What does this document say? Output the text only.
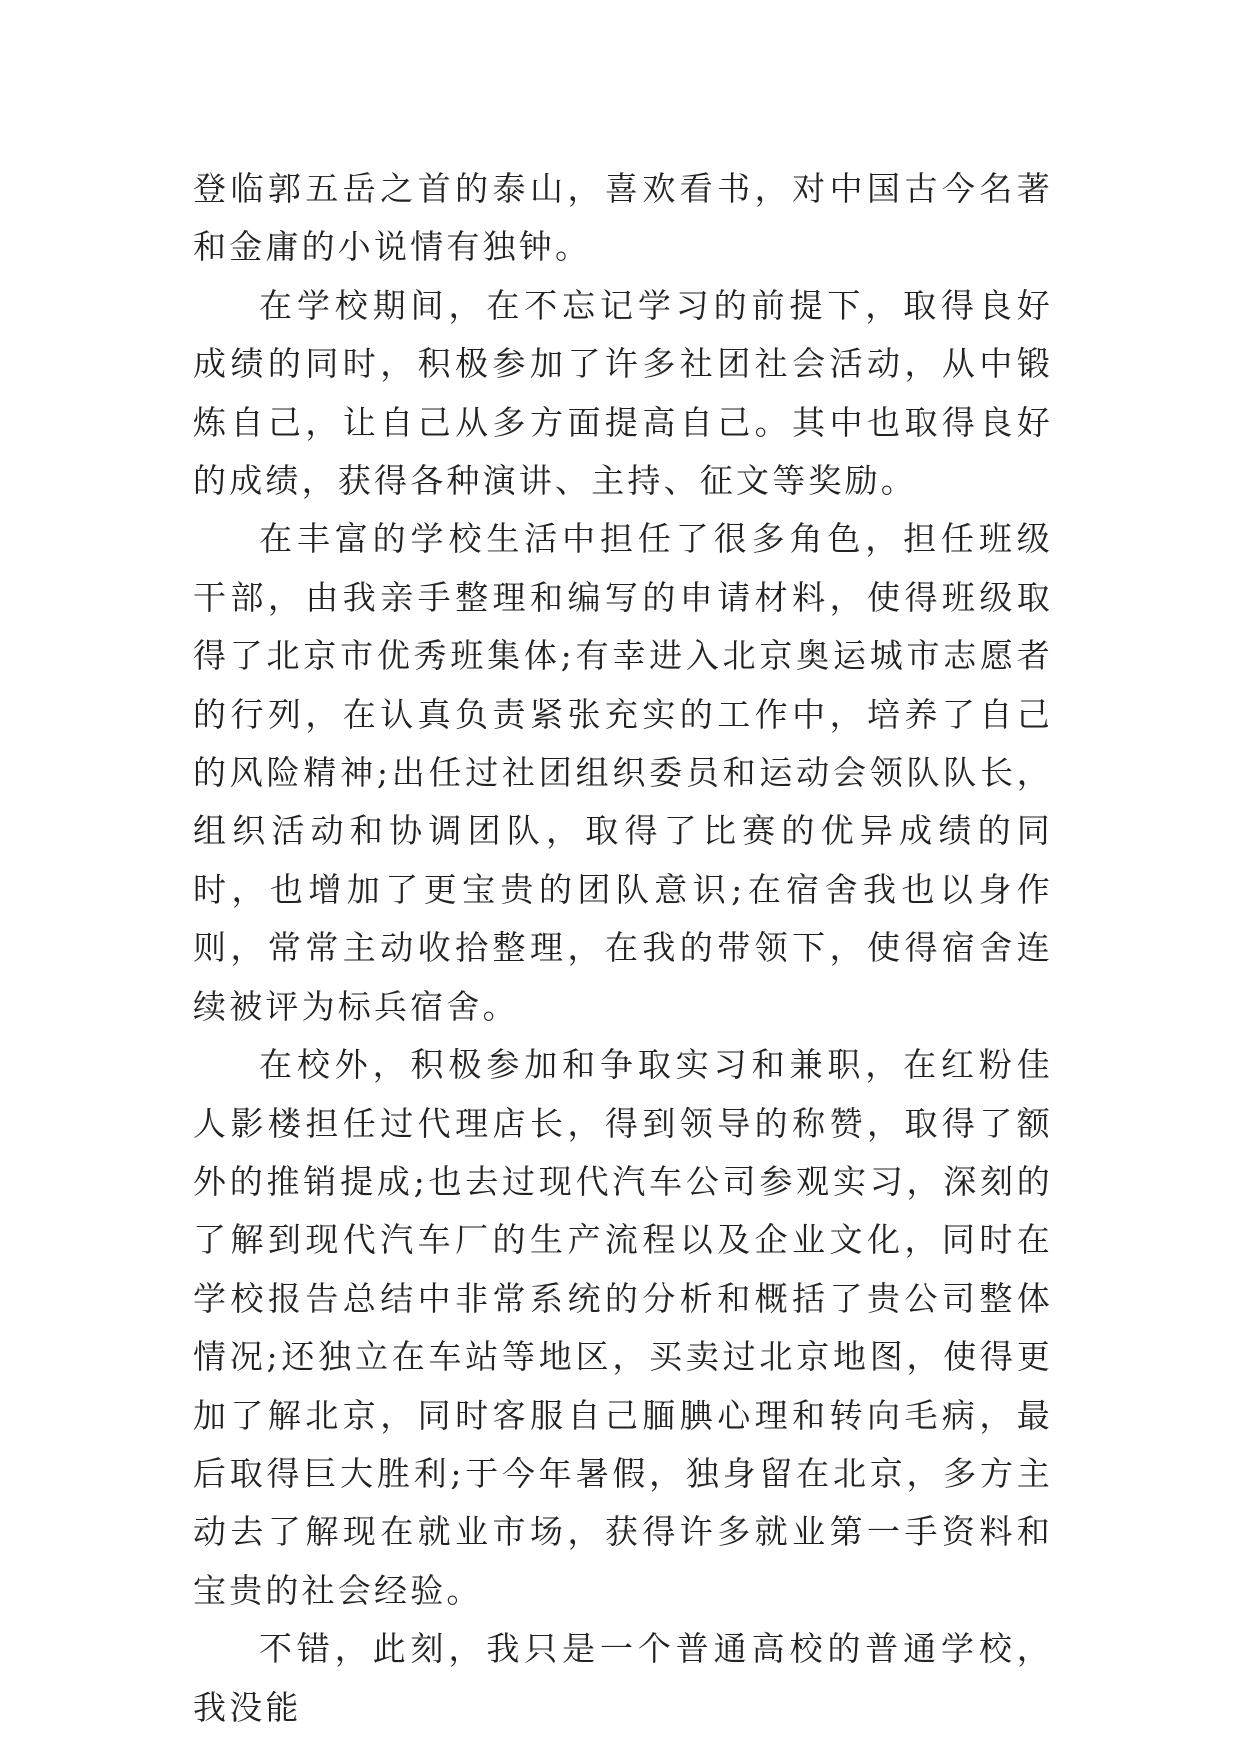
登临郭五岳之首的泰山，喜欢看书，对中国古今名著和金庸的小说情有独钟。

在学校期间，在不忘记学习的前提下，取得良好成绩的同时，积极参加了许多社团社会活动，从中锻炼自己，让自己从多方面提高自己。其中也取得良好的成绩，获得各种演讲、主持、征文等奖励。

在丰富的学校生活中担任了很多角色，担任班级干部，由我亲手整理和编写的申请材料，使得班级取得了北京市优秀班集体;有幸进入北京奥运城市志愿者的行列，在认真负责紧张充实的工作中，培养了自己的风险精神;出任过社团组织委员和运动会领队队长，组织活动和协调团队，取得了比赛的优异成绩的同时，也增加了更宝贵的团队意识;在宿舍我也以身作则，常常主动收拾整理，在我的带领下，使得宿舍连续被评为标兵宿舍。

在校外，积极参加和争取实习和兼职，在红粉佳人影楼担任过代理店长，得到领导的称赞，取得了额外的推销提成;也去过现代汽车公司参观实习，深刻的了解到现代汽车厂的生产流程以及企业文化，同时在学校报告总结中非常系统的分析和概括了贵公司整体情况;还独立在车站等地区，买卖过北京地图，使得更加了解北京，同时客服自己腼腆心理和转向毛病，最后取得巨大胜利;于今年暑假，独身留在北京，多方主动去了解现在就业市场，获得许多就业第一手资料和宝贵的社会经验。

不错，此刻，我只是一个普通高校的普通学校，我没能
